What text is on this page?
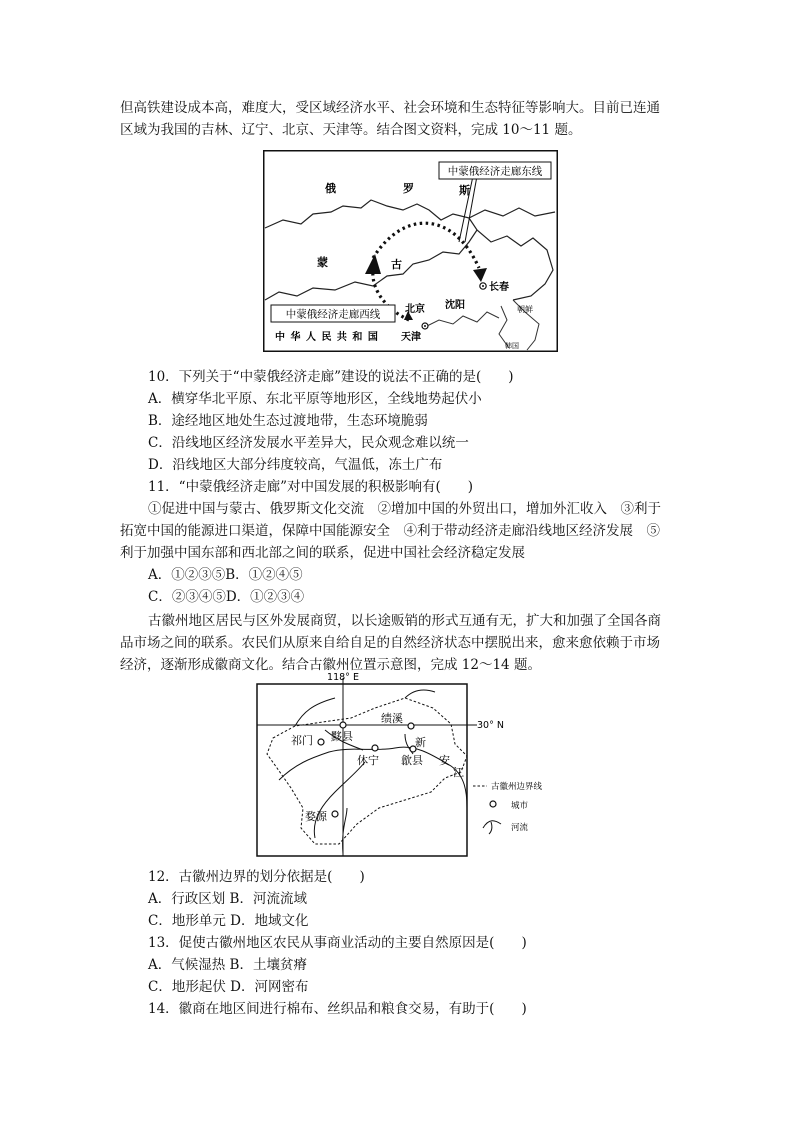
但高铁建设成本高，难度大，受区域经济水平、社会环境和生态特征等影响大。目前已连通
区域为我国的吉林、辽宁、北京、天津等。结合图文资料，完成 10～11 题。
中蒙俄经济走廊东线
中蒙俄经济走廊西线
俄	罗	斯
蒙	古
中 华 人 民 共 和 国
北京
天津
沈阳
长春
朝鲜
韩国
10．下列关于“中蒙俄经济走廊”建设的说法不正确的是(　　)
A．横穿华北平原、东北平原等地形区，全线地势起伏小
B．途经地区地处生态过渡地带，生态环境脆弱
C．沿线地区经济发展水平差异大，民众观念难以统一
D．沿线地区大部分纬度较高，气温低，冻土广布
11．“中蒙俄经济走廊”对中国发展的积极影响有(　　)
①促进中国与蒙古、俄罗斯文化交流　②增加中国的外贸出口，增加外汇收入　③利于
拓宽中国的能源进口渠道，保障中国能源安全　④利于带动经济走廊沿线地区经济发展　⑤
利于加强中国东部和西北部之间的联系，促进中国社会经济稳定发展
A．①②③⑤B．①②④⑤
C．②③④⑤D．①②③④
古徽州地区居民与区外发展商贸，以长途贩销的形式互通有无，扩大和加强了全国各商
品市场之间的联系。农民们从原来自给自足的自然经济状态中摆脱出来，愈来愈依赖于市场
经济，逐渐形成徽商文化。结合古徽州位置示意图，完成 12～14 题。
118° E
30° N
绩溪
祁门 黟县
休宁 歙县
新
安
江
婺源
古徽州边界线
城市
河流
12．古徽州边界的划分依据是(　　)
A．行政区划 B．河流流域
C．地形单元 D．地域文化
13．促使古徽州地区农民从事商业活动的主要自然原因是(　　)
A．气候湿热 B．土壤贫瘠
C．地形起伏 D．河网密布
14．徽商在地区间进行棉布、丝织品和粮食交易，有助于(　　)
